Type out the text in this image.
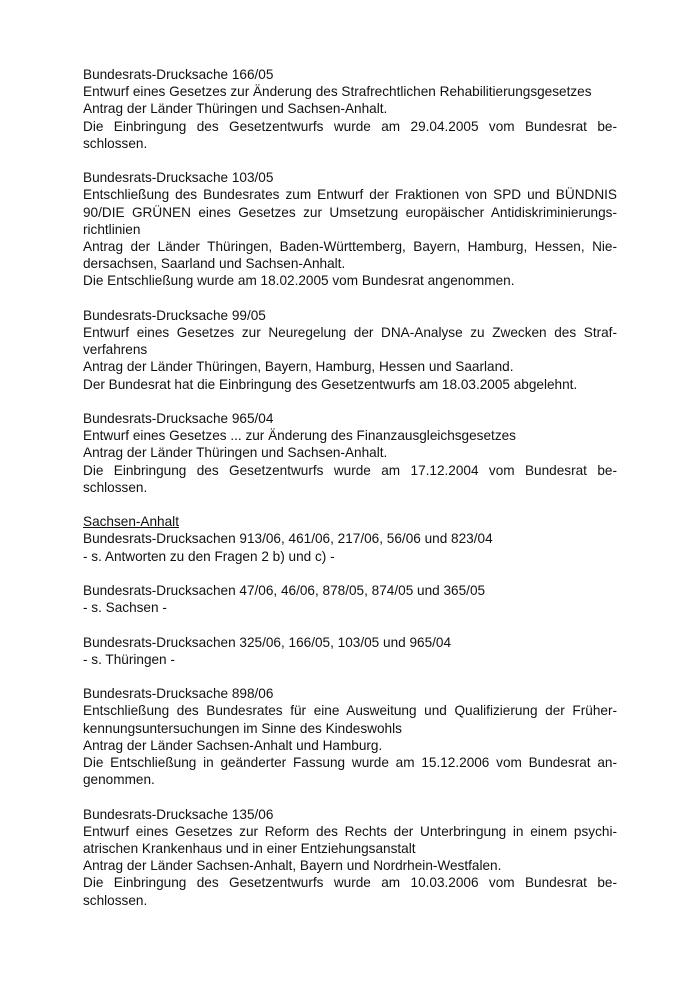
Bundesrats-Drucksache 166/05
Entwurf eines Gesetzes zur Änderung des Strafrechtlichen Rehabilitierungsgesetzes
Antrag der Länder Thüringen und Sachsen-Anhalt.
Die Einbringung des Gesetzentwurfs wurde am 29.04.2005 vom Bundesrat be-
schlossen.
Bundesrats-Drucksache 103/05
Entschließung des Bundesrates zum Entwurf der Fraktionen von SPD und BÜNDNIS
90/DIE GRÜNEN eines Gesetzes zur Umsetzung europäischer Antidiskriminierungs-
richtlinien
Antrag der Länder Thüringen, Baden-Württemberg, Bayern, Hamburg, Hessen, Nie-
dersachsen, Saarland und Sachsen-Anhalt.
Die Entschließung wurde am 18.02.2005 vom Bundesrat angenommen.
Bundesrats-Drucksache 99/05
Entwurf eines Gesetzes zur Neuregelung der DNA-Analyse zu Zwecken des Straf-
verfahrens
Antrag der Länder Thüringen, Bayern, Hamburg, Hessen und Saarland.
Der Bundesrat hat die Einbringung des Gesetzentwurfs am 18.03.2005 abgelehnt.
Bundesrats-Drucksache 965/04
Entwurf eines Gesetzes ... zur Änderung des Finanzausgleichsgesetzes
Antrag der Länder Thüringen und Sachsen-Anhalt.
Die Einbringung des Gesetzentwurfs wurde am 17.12.2004 vom Bundesrat be-
schlossen.
Sachsen-Anhalt
Bundesrats-Drucksachen 913/06, 461/06, 217/06, 56/06 und 823/04
- s. Antworten zu den Fragen 2 b) und c) -
Bundesrats-Drucksachen 47/06, 46/06, 878/05, 874/05 und 365/05
- s. Sachsen -
Bundesrats-Drucksachen 325/06, 166/05, 103/05 und 965/04
- s. Thüringen -
Bundesrats-Drucksache 898/06
Entschließung des Bundesrates für eine Ausweitung und Qualifizierung der Früher-
kennungsuntersuchungen im Sinne des Kindeswohls
Antrag der Länder Sachsen-Anhalt und Hamburg.
Die Entschließung in geänderter Fassung wurde am 15.12.2006 vom Bundesrat an-
genommen.
Bundesrats-Drucksache 135/06
Entwurf eines Gesetzes zur Reform des Rechts der Unterbringung in einem psychi-
atrischen Krankenhaus und in einer Entziehungsanstalt
Antrag der Länder Sachsen-Anhalt, Bayern und Nordrhein-Westfalen.
Die Einbringung des Gesetzentwurfs wurde am 10.03.2006 vom Bundesrat be-
schlossen.
